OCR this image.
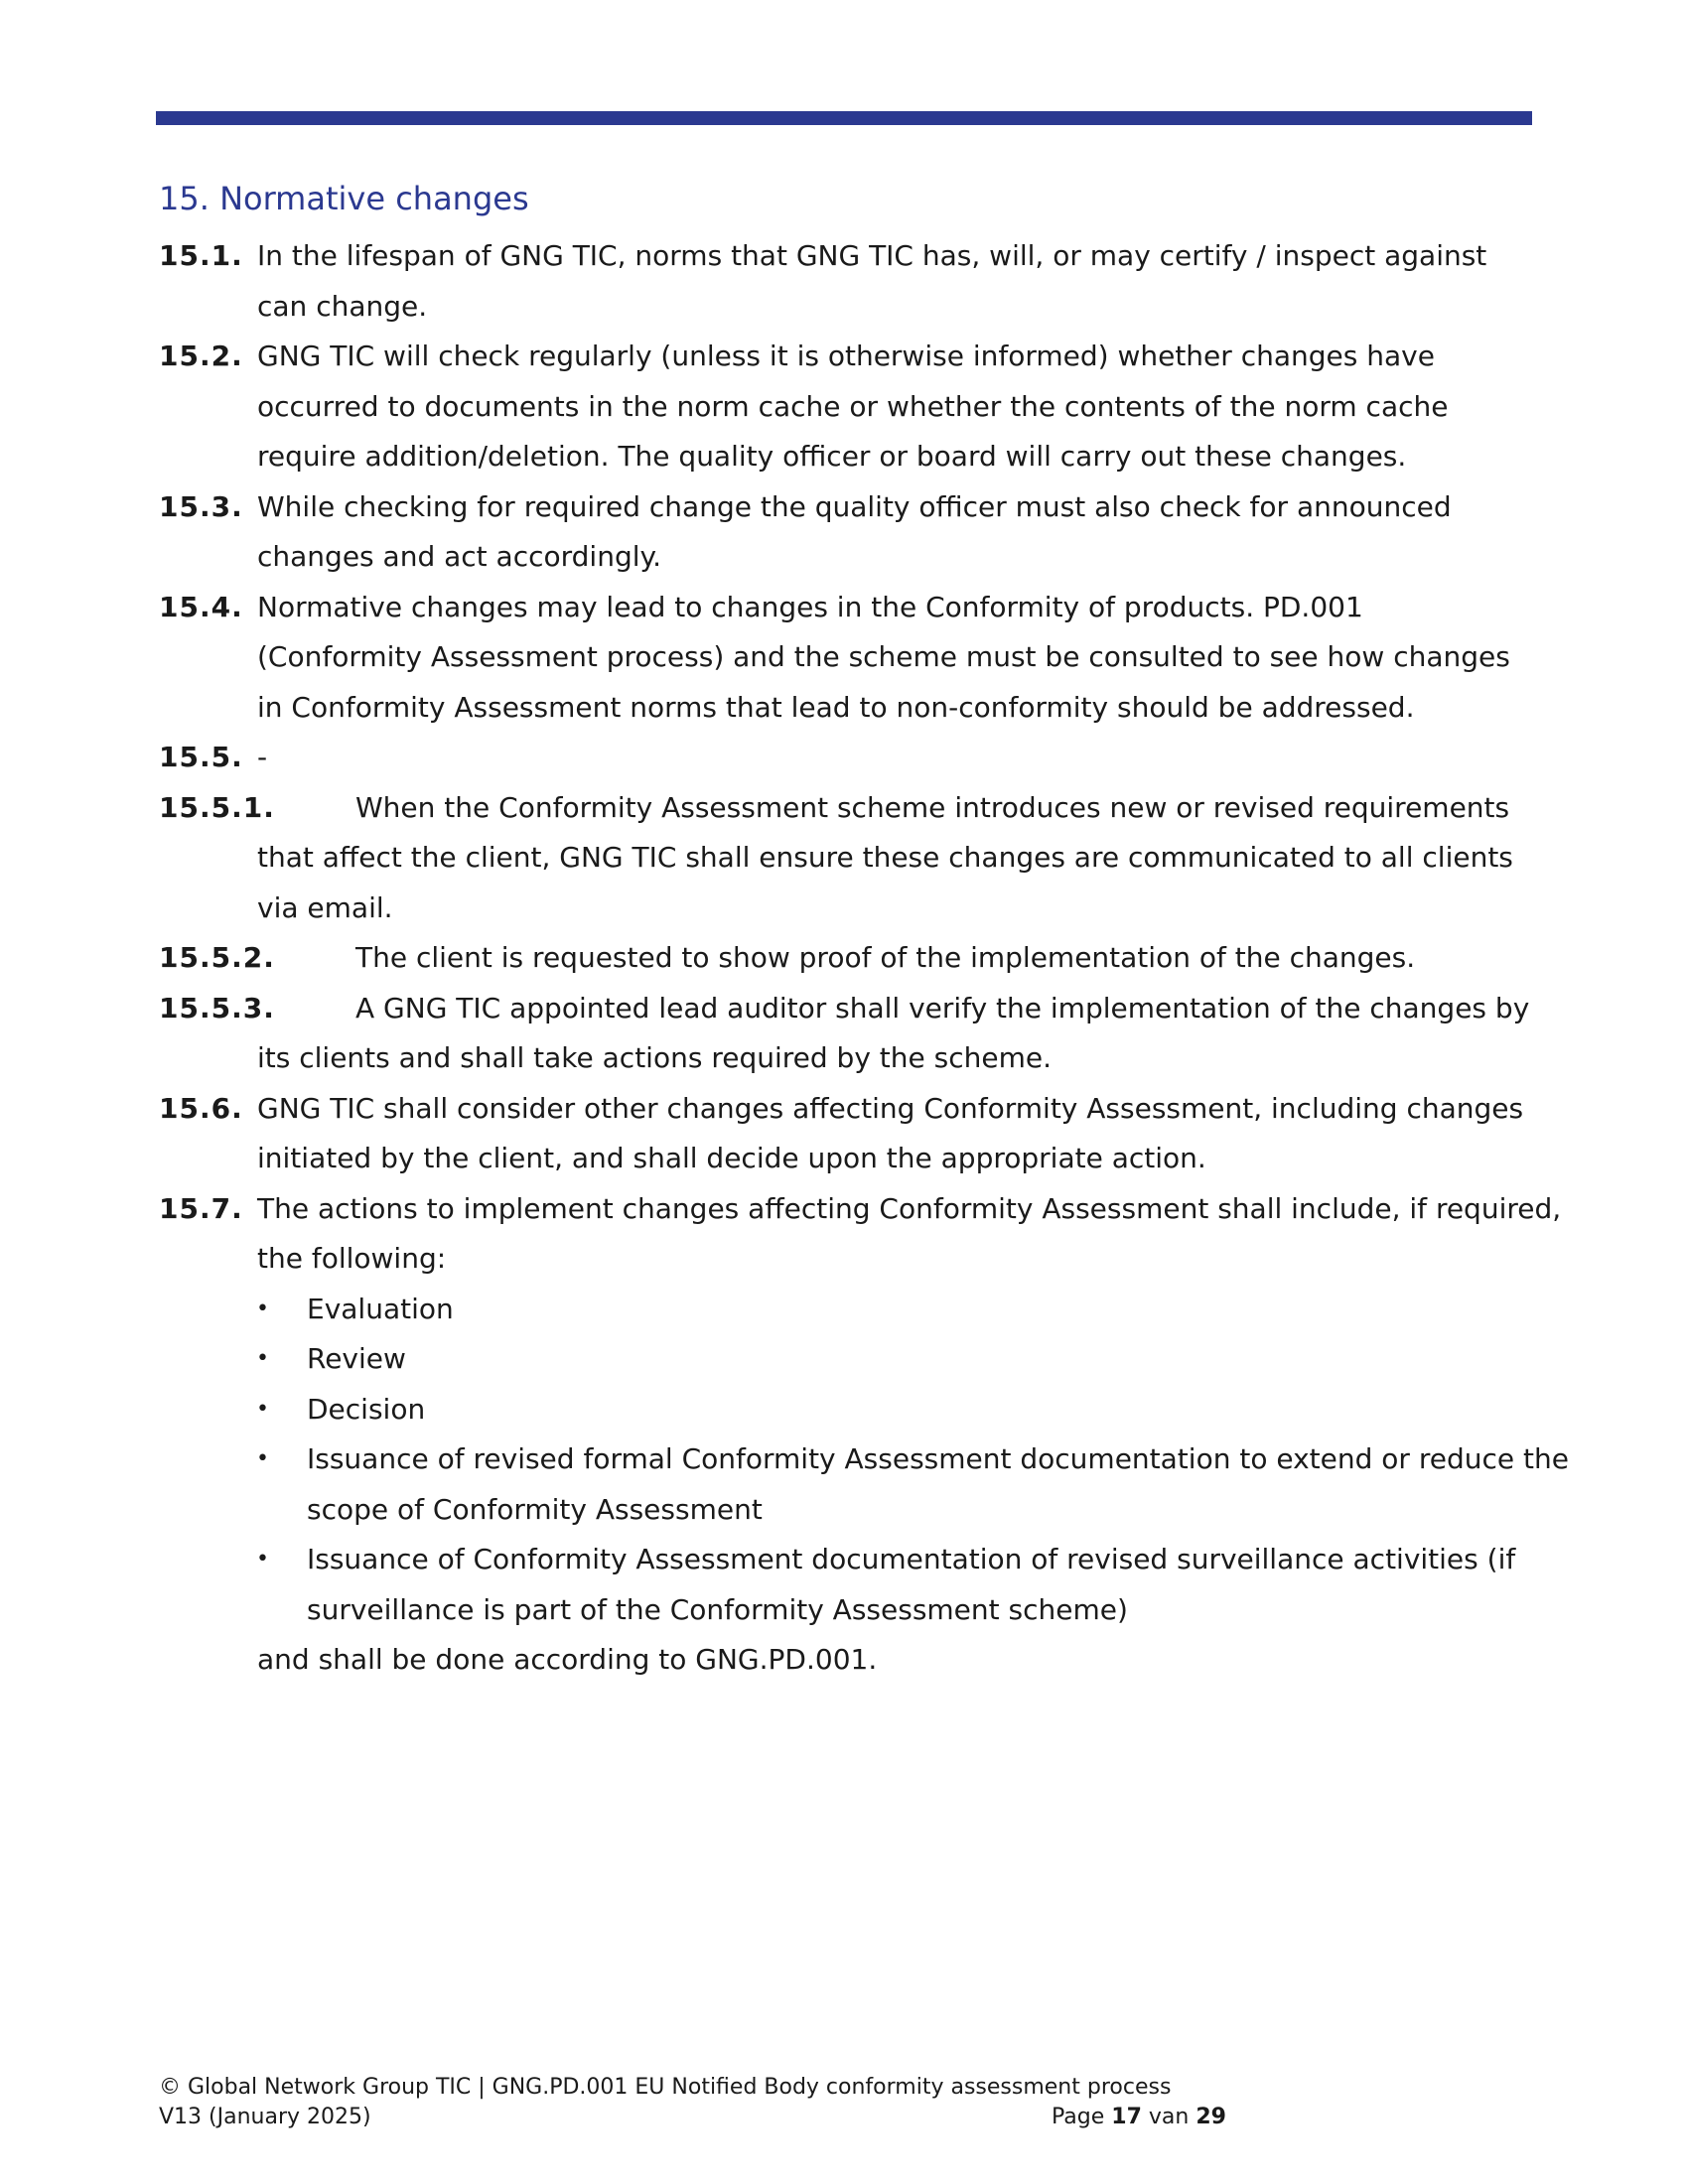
15. Normative changes
15.1. In the lifespan of GNG TIC, norms that GNG TIC has, will, or may certify / inspect against
can change.
15.2. GNG TIC will check regularly (unless it is otherwise informed) whether changes have
occurred to documents in the norm cache or whether the contents of the norm cache
require addition/deletion. The quality officer or board will carry out these changes.
15.3. While checking for required change the quality officer must also check for announced
changes and act accordingly.
15.4. Normative changes may lead to changes in the Conformity of products. PD.001
(Conformity Assessment process) and the scheme must be consulted to see how changes
in Conformity Assessment norms that lead to non-conformity should be addressed.
15.5. -
15.5.1.	When the Conformity Assessment scheme introduces new or revised requirements
that affect the client, GNG TIC shall ensure these changes are communicated to all clients
via email.
15.5.2.	The client is requested to show proof of the implementation of the changes.
15.5.3.	A GNG TIC appointed lead auditor shall verify the implementation of the changes by
its clients and shall take actions required by the scheme.
15.6. GNG TIC shall consider other changes affecting Conformity Assessment, including changes
initiated by the client, and shall decide upon the appropriate action.
15.7. The actions to implement changes affecting Conformity Assessment shall include, if required,
the following:
• Evaluation
• Review
• Decision
• Issuance of revised formal Conformity Assessment documentation to extend or reduce the
scope of Conformity Assessment
• Issuance of Conformity Assessment documentation of revised surveillance activities (if
surveillance is part of the Conformity Assessment scheme)
and shall be done according to GNG.PD.001.
© Global Network Group TIC | GNG.PD.001 EU Notified Body conformity assessment process
V13 (January 2025)	Page 17 van 29
